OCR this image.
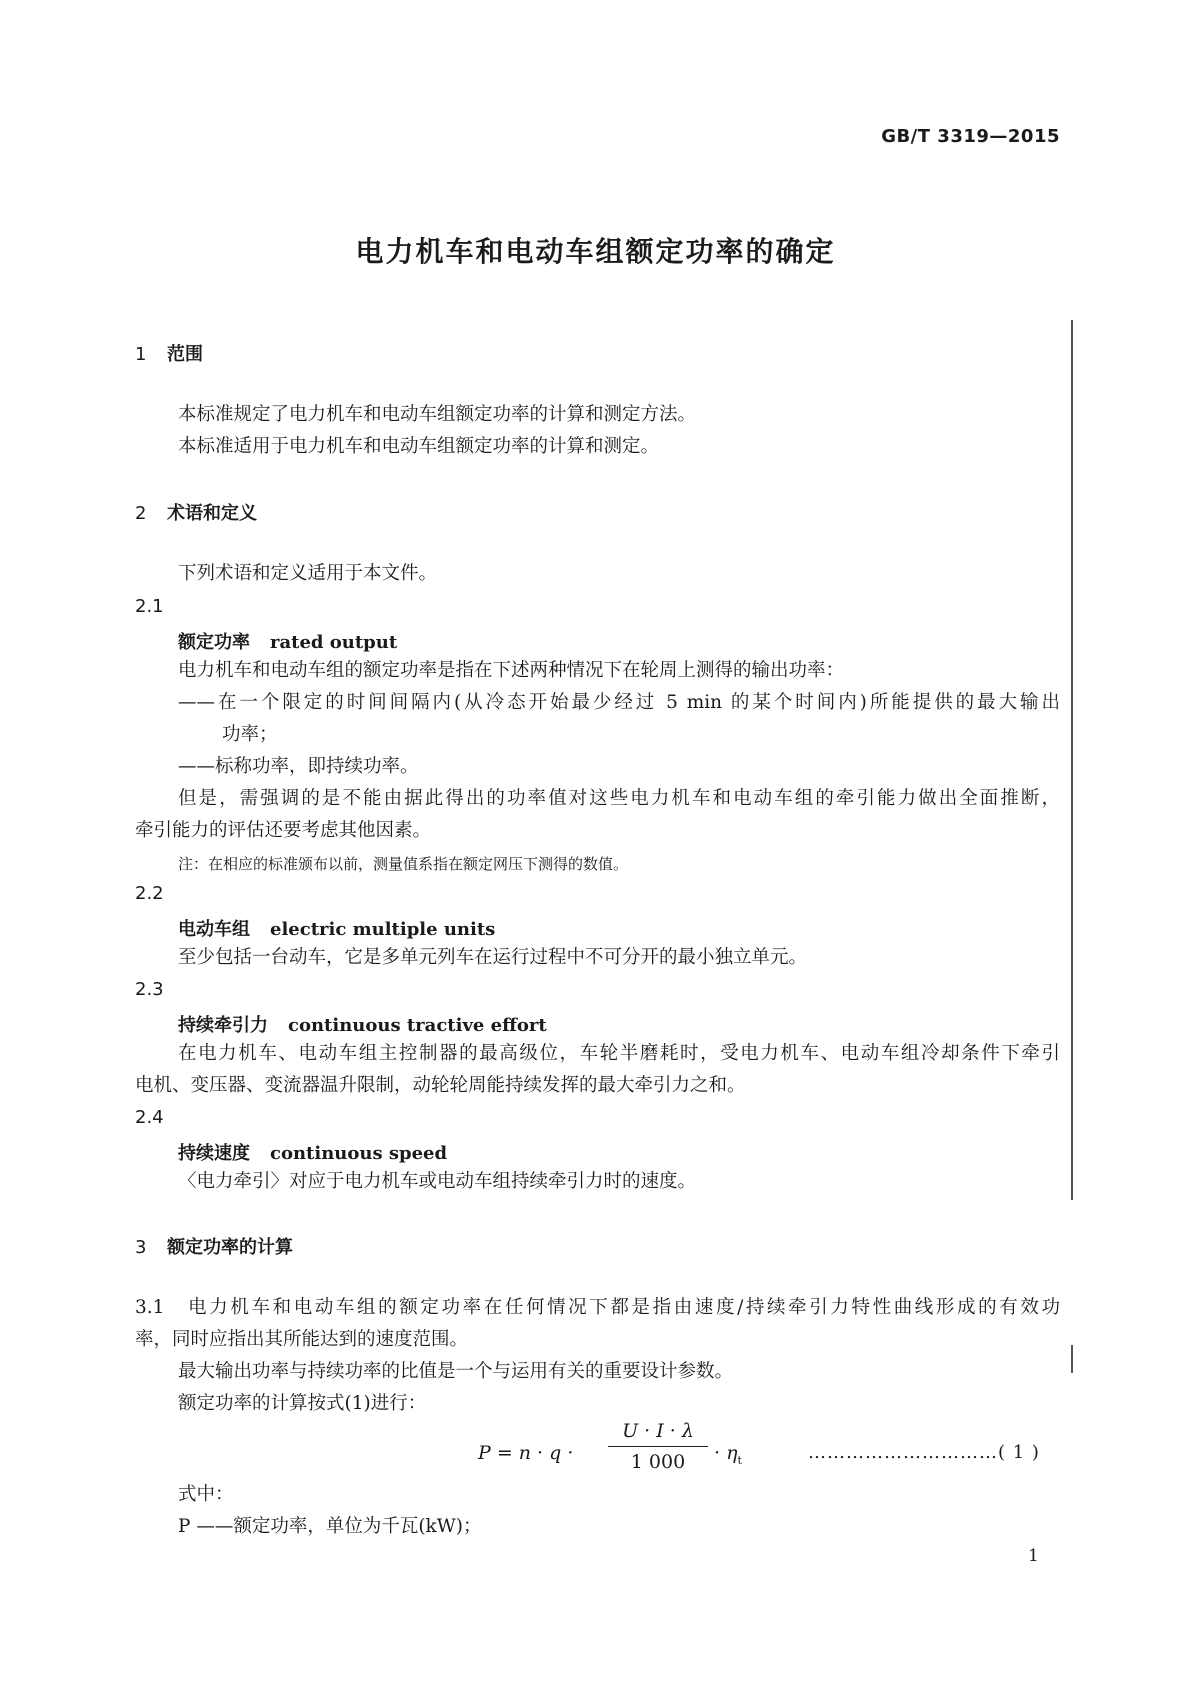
GB/T 3319—2015
电力机车和电动车组额定功率的确定
1 范围
本标准规定了电力机车和电动车组额定功率的计算和测定方法。
本标准适用于电力机车和电动车组额定功率的计算和测定。
2 术语和定义
下列术语和定义适用于本文件。
2.1
额定功率 rated output
电力机车和电动车组的额定功率是指在下述两种情况下在轮周上测得的输出功率：
——在一个限定的时间间隔内(从冷态开始最少经过 5 min 的某个时间内)所能提供的最大输出
功率；
——标称功率，即持续功率。
但是，需强调的是不能由据此得出的功率值对这些电力机车和电动车组的牵引能力做出全面推断，
牵引能力的评估还要考虑其他因素。
注：在相应的标准颁布以前，测量值系指在额定网压下测得的数值。
2.2
电动车组 electric multiple units
至少包括一台动车，它是多单元列车在运行过程中不可分开的最小独立单元。
2.3
持续牵引力 continuous tractive effort
在电力机车、电动车组主控制器的最高级位，车轮半磨耗时，受电力机车、电动车组冷却条件下牵引
电机、变压器、变流器温升限制，动轮轮周能持续发挥的最大牵引力之和。
2.4
持续速度 continuous speed
〈电力牵引〉对应于电力机车或电动车组持续牵引力时的速度。
3 额定功率的计算
3.1　电力机车和电动车组的额定功率在任何情况下都是指由速度/持续牵引力特性曲线形成的有效功
率，同时应指出其所能达到的速度范围。
最大输出功率与持续功率的比值是一个与运用有关的重要设计参数。
额定功率的计算按式(1)进行：
$P = n \cdot q \cdot \frac{U \cdot I \cdot \lambda}{1 000} \cdot \eta_t$	…………………………( 1 )
式中：
P ——额定功率，单位为千瓦(kW)；
1
